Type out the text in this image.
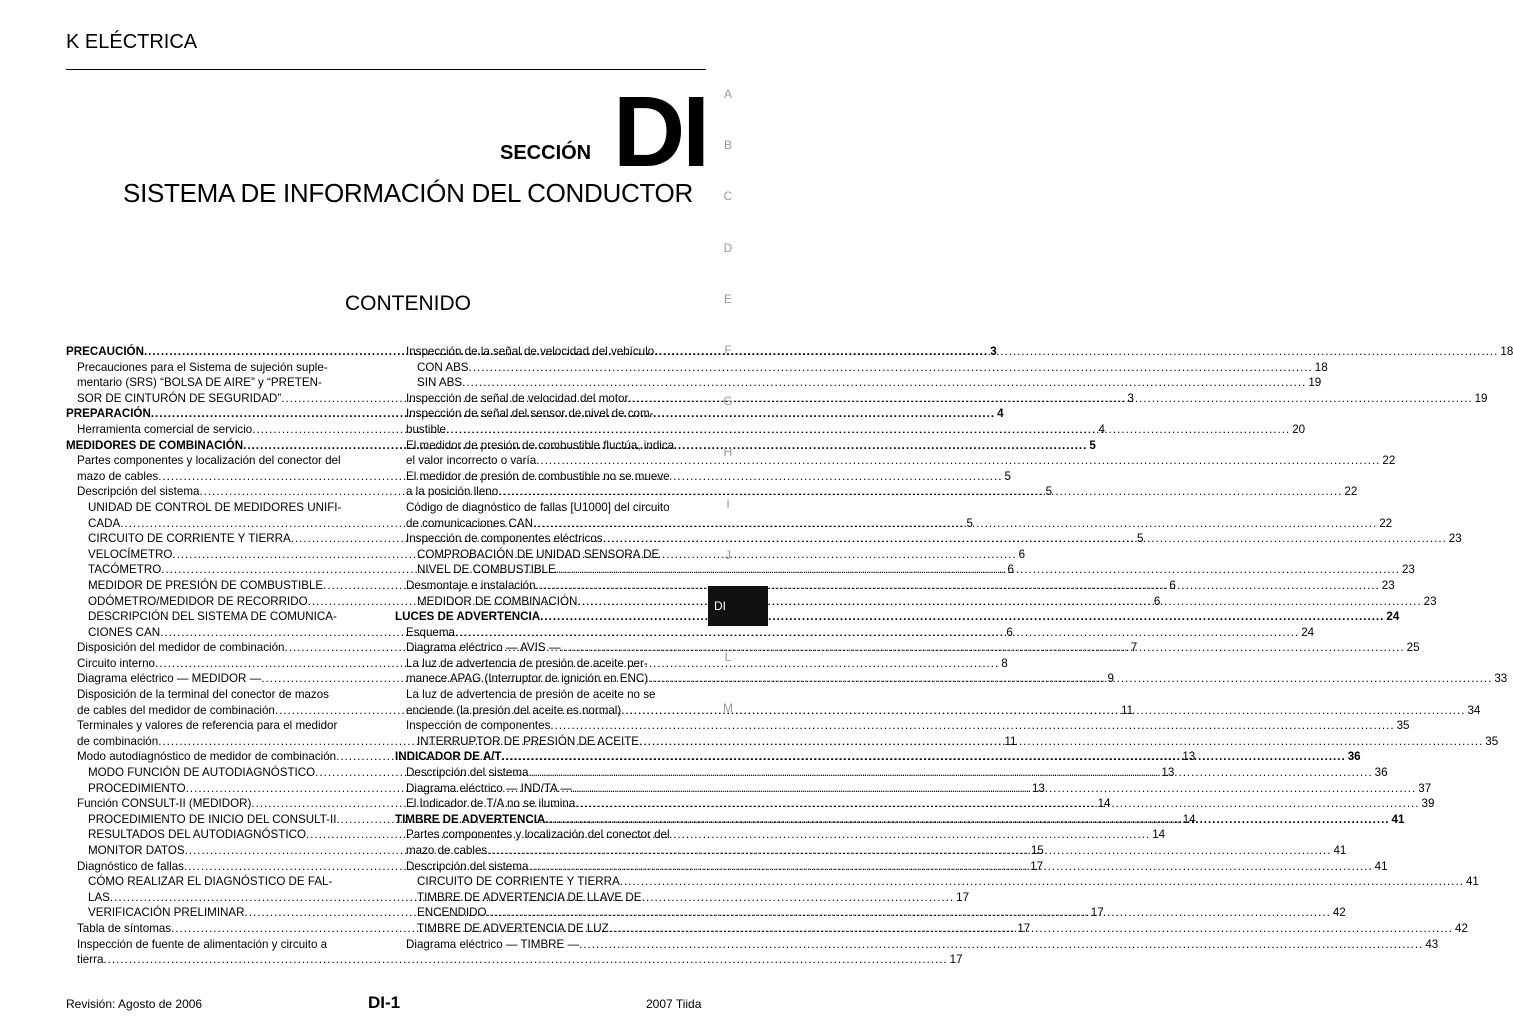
K ELÉCTRICA
SECCIÓN DI
SISTEMA DE INFORMACIÓN DEL CONDUCTOR
CONTENIDO
PRECAUCIÓN .....	3
Precauciones para el Sistema de sujeción suple-
mentario (SRS) “BOLSA DE AIRE” y “PRETEN-
SOR DE CINTURÓN DE SEGURIDAD” .....	3
PREPARACIÓN .....	4
Herramienta comercial de servicio .....	4
MEDIDORES DE COMBINACIÓN .....	5
Partes componentes y localización del conector del
mazo de cables .....	5
Descripción del sistema .....	5
UNIDAD DE CONTROL DE MEDIDORES UNIFI-
CADA .....	5
CIRCUITO DE CORRIENTE Y TIERRA .....	5
VELOCÍMETRO .....	6
TACÓMETRO .....	6
MEDIDOR DE PRESIÓN DE COMBUSTIBLE .....	6
ODÓMETRO/MEDIDOR DE RECORRIDO .....	6
DESCRIPCIÓN DEL SISTEMA DE COMUNICA-
CIONES CAN .....	6
Disposición del medidor de combinación .....	7
Circuito interno .....	8
Diagrama eléctrico — MEDIDOR — .....	9
Disposición de la terminal del conector de mazos
de cables del medidor de combinación .....	11
Terminales y valores de referencia para el medidor
de combinación .....	11
Modo autodiagnóstico de medidor de combinación .....	13
MODO FUNCIÓN DE AUTODIAGNÓSTICO .....	13
PROCEDIMIENTO .....	13
Función CONSULT-II (MEDIDOR) .....	14
PROCEDIMIENTO DE INICIO DEL CONSULT-II .....	14
RESULTADOS DEL AUTODIAGNÓSTICO .....	14
MONITOR DATOS .....	15
Diagnóstico de fallas .....	17
CÓMO REALIZAR EL DIAGNÓSTICO DE FAL-
LAS .....	17
VERIFICACIÓN PRELIMINAR .....	17
Tabla de síntomas .....	17
Inspección de fuente de alimentación y circuito a
tierra .....	17
Inspección de la señal de velocidad del vehículo .....	18
CON ABS .....	18
SIN ABS .....	19
Inspección de señal de velocidad del motor .....	19
Inspección de señal del sensor de nivel de com-
bustible .....	20
El medidor de presión de combustible fluctúa, indica
el valor incorrecto o varía .....	22
El medidor de presión de combustible no se mueve
a la posición lleno .....	22
Código de diagnóstico de fallas [U1000] del circuito
de comunicaciones CAN .....	22
Inspección de componentes eléctricos .....	23
COMPROBACIÓN DE UNIDAD SENSORA DE
NIVEL DE COMBUSTIBLE .....	23
Desmontaje e instalación .....	23
MEDIDOR DE COMBINACIÓN .....	23
LUCES DE ADVERTENCIA .....	24
Esquema .....	24
Diagrama eléctrico — AVIS — .....	25
La luz de advertencia de presión de aceite per-
manece APAG (Interruptor de ignición en ENC) .....	33
La luz de advertencia de presión de aceite no se
enciende (la presión del aceite es normal) .....	34
Inspección de componentes .....	35
INTERRUPTOR DE PRESIÓN DE ACEITE .....	35
INDICADOR DE A/T .....	36
Descripción del sistema .....	36
Diagrama eléctrico — IND/TA — .....	37
El Indicador de T/A no se ilumina .....	39
TIMBRE DE ADVERTENCIA .....	41
Partes componentes y localización del conector del
mazo de cables .....	41
Descripción del sistema .....	41
CIRCUITO DE CORRIENTE Y TIERRA .....	41
TIMBRE DE ADVERTENCIA DE LLAVE DE
ENCENDIDO .....	42
TIMBRE DE ADVERTENCIA DE LUZ .....	42
Diagrama eléctrico — TIMBRE — .....	43
A
B
C
D
E
F
G
H
I
J
L
M
DI
Revisión: Agosto de 2006	DI-1	2007 Tiida
